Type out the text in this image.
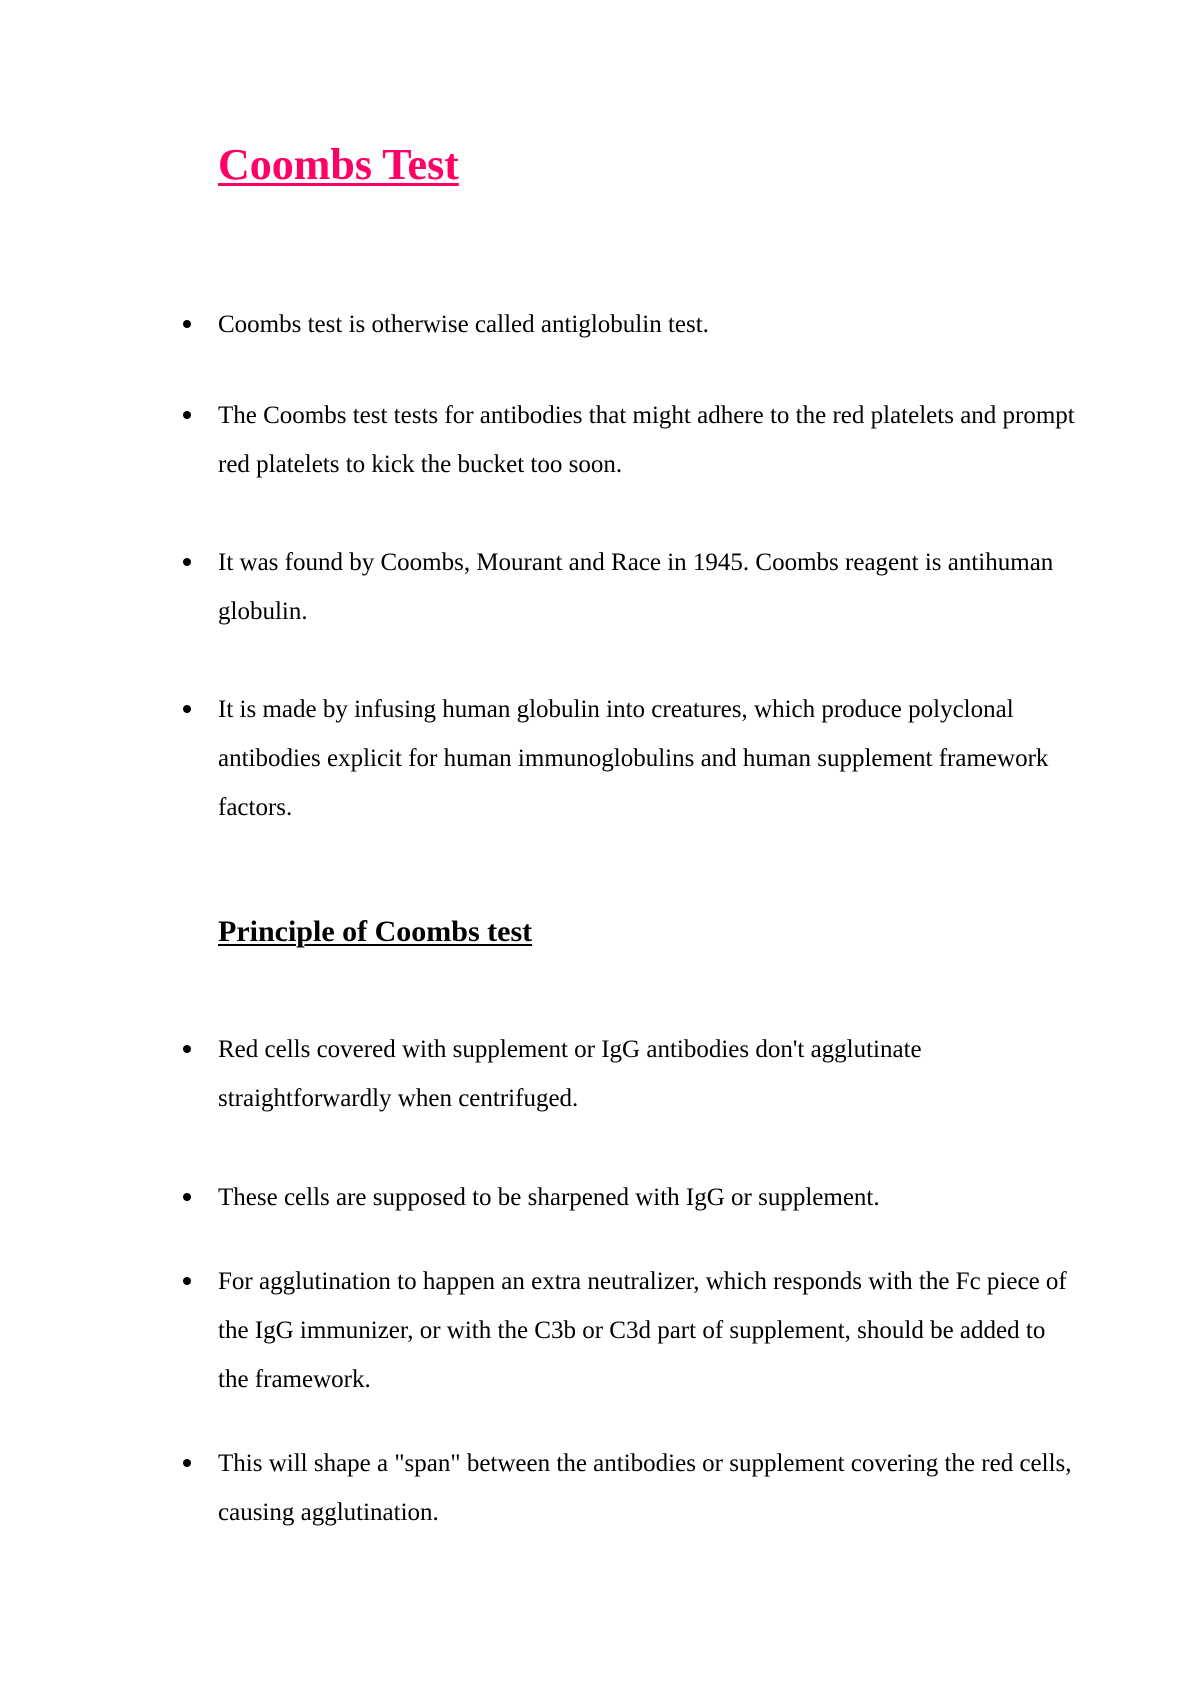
Coombs Test

Coombs test is otherwise called antiglobulin test.

The Coombs test tests for antibodies that might adhere to the red platelets and prompt red platelets to kick the bucket too soon.

It was found by Coombs, Mourant and Race in 1945. Coombs reagent is antihuman globulin.

It is made by infusing human globulin into creatures, which produce polyclonal antibodies explicit for human immunoglobulins and human supplement framework factors.

Principle of Coombs test

Red cells covered with supplement or IgG antibodies don't agglutinate straightforwardly when centrifuged.

These cells are supposed to be sharpened with IgG or supplement.

For agglutination to happen an extra neutralizer, which responds with the Fc piece of the IgG immunizer, or with the C3b or C3d part of supplement, should be added to the framework.

This will shape a "span" between the antibodies or supplement covering the red cells, causing agglutination.
